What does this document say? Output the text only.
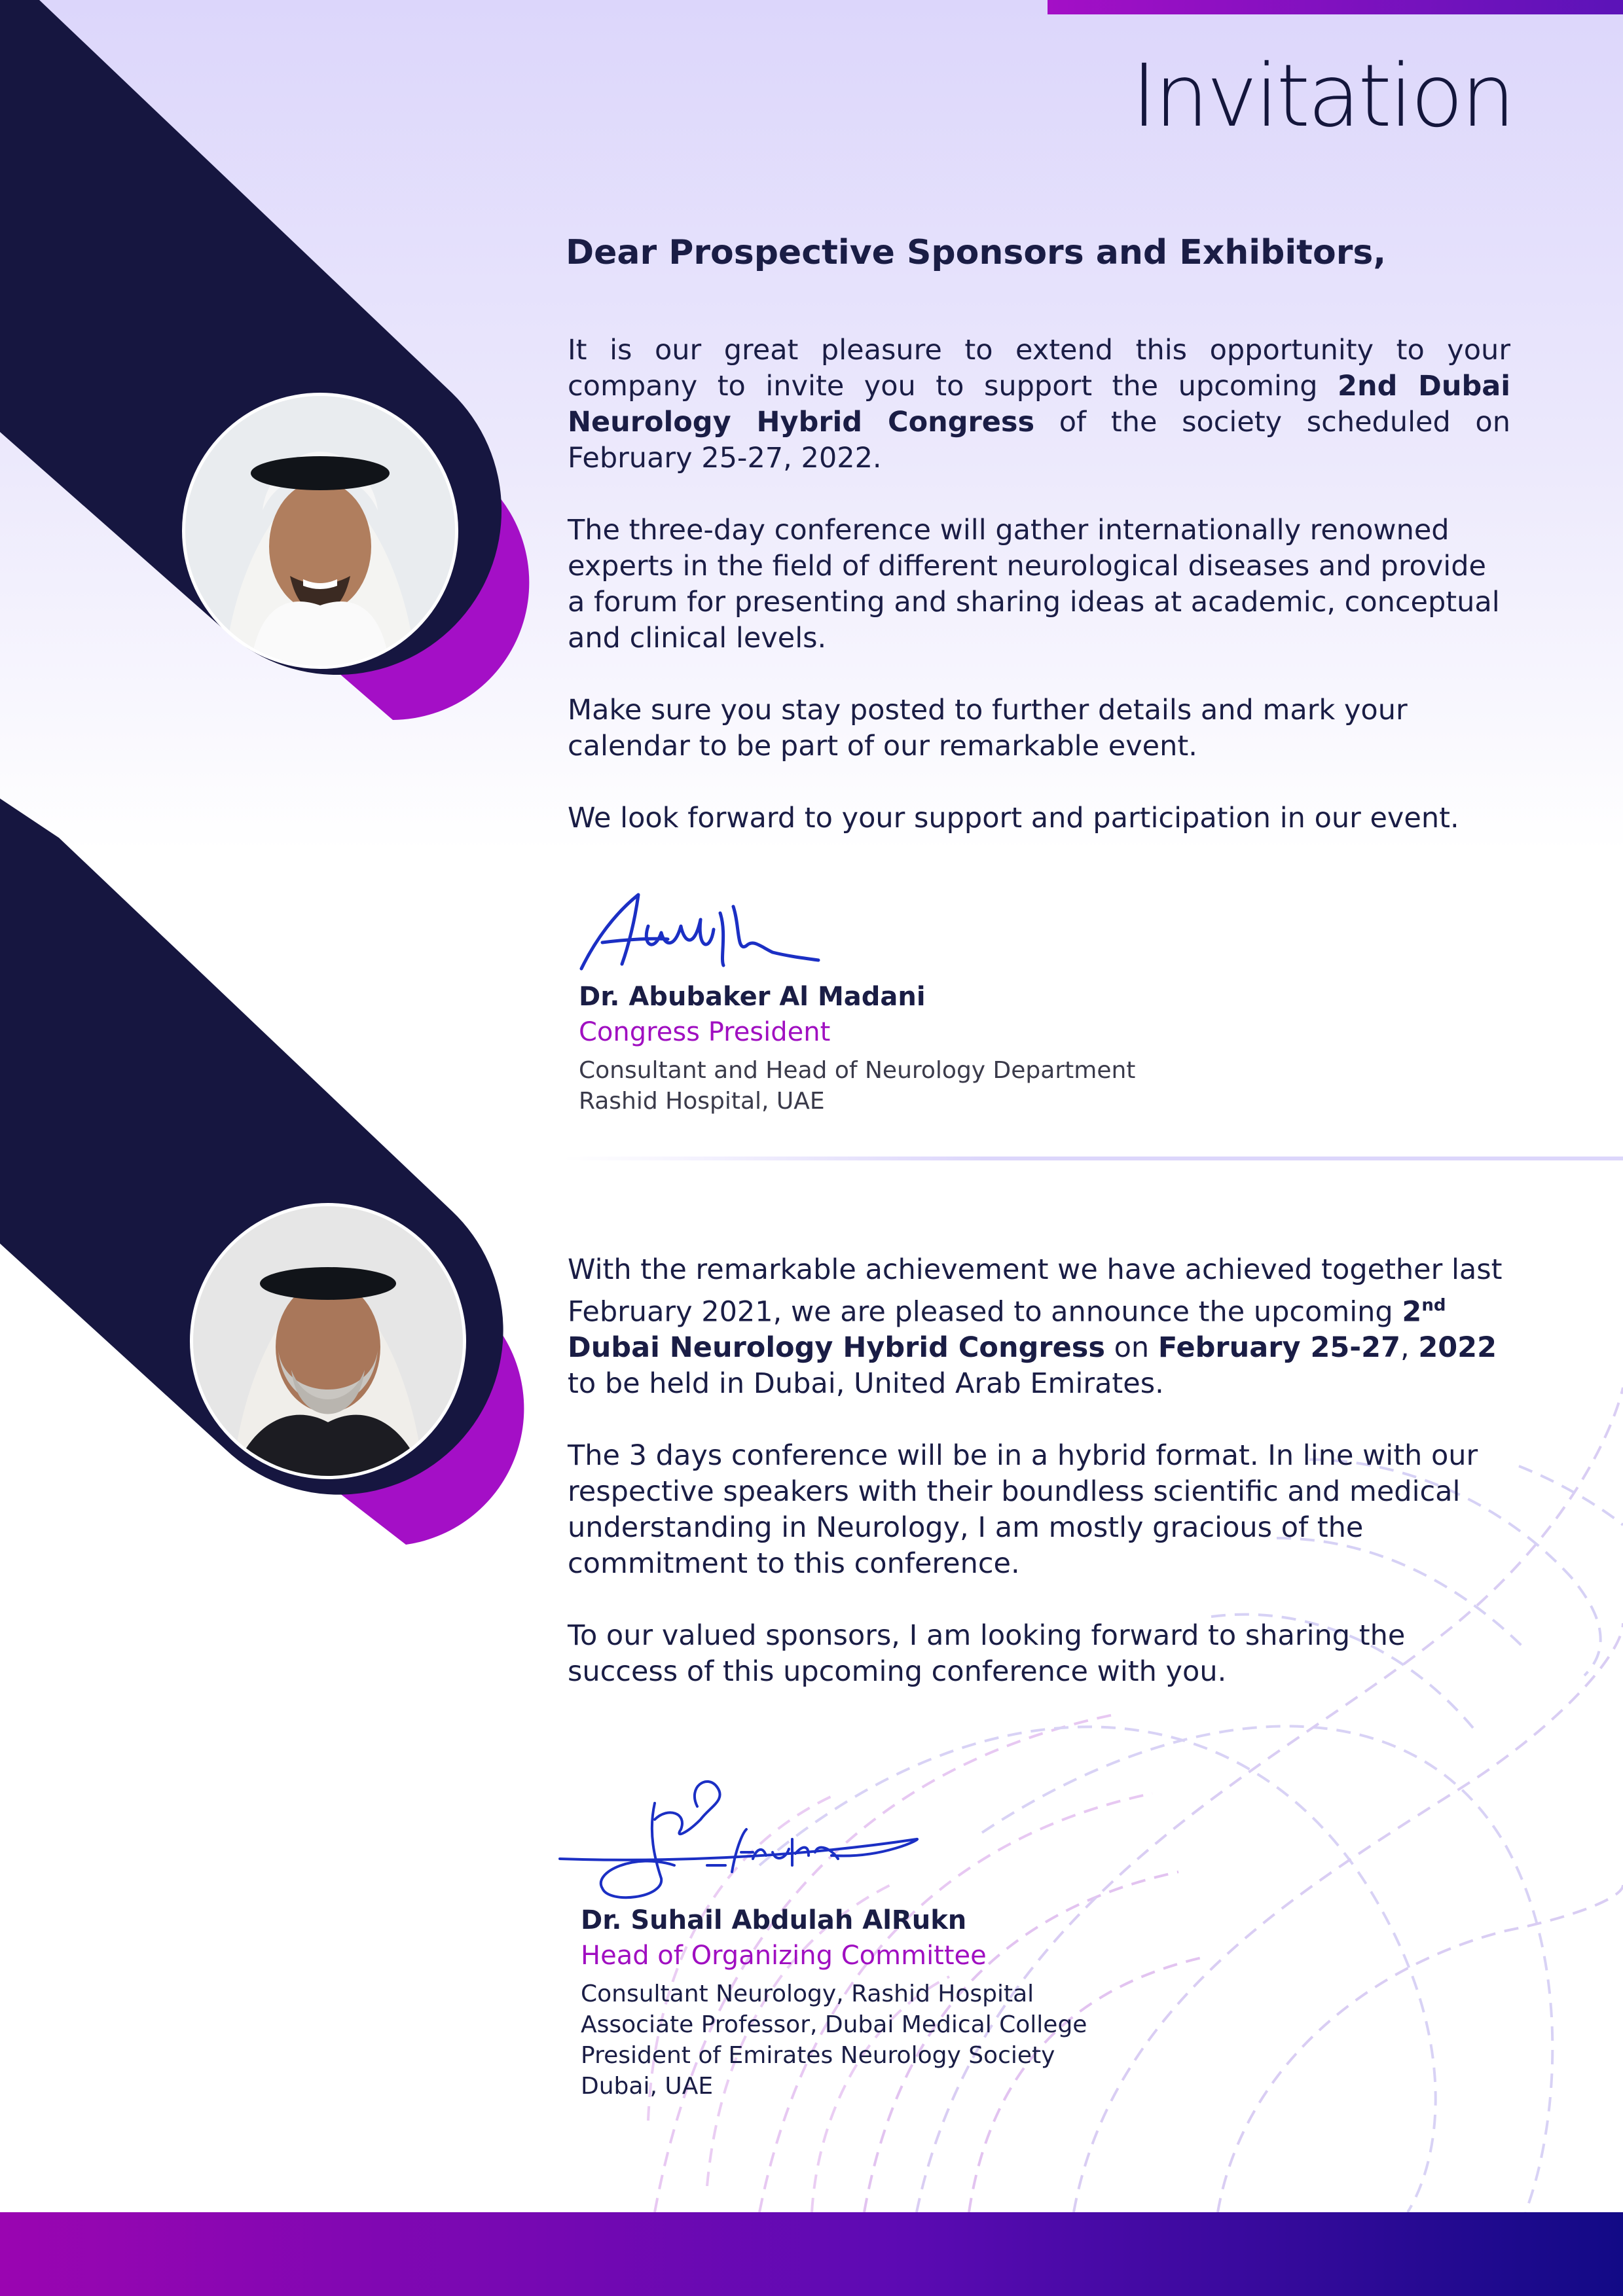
Invitation
Dear Prospective Sponsors and Exhibitors,

It is our great pleasure to extend this opportunity to your company to invite you to support the upcoming 2nd Dubai Neurology Hybrid Congress of the society scheduled on February 25-27, 2022.

The three-day conference will gather internationally renowned experts in the field of different neurological diseases and provide a forum for presenting and sharing ideas at academic, conceptual and clinical levels.

Make sure you stay posted to further details and mark your calendar to be part of our remarkable event.

We look forward to your support and participation in our event.

Dr. Abubaker Al Madani

Congress President

Consultant and Head of Neurology Department

Rashid Hospital, UAE

With the remarkable achievement we have achieved together last February 2021, we are pleased to announce the upcoming 2nd Dubai Neurology Hybrid Congress on February 25-27, 2022 to be held in Dubai, United Arab Emirates.

The 3 days conference will be in a hybrid format. In line with our respective speakers with their boundless scientific and medical understanding in Neurology, I am mostly gracious of the commitment to this conference.

To our valued sponsors, I am looking forward to sharing the success of this upcoming conference with you.

Dr. Suhail Abdulah AlRukn

Head of Organizing Committee

Consultant Neurology, Rashid Hospital

Associate Professor, Dubai Medical College

President of Emirates Neurology Society

Dubai, UAE
